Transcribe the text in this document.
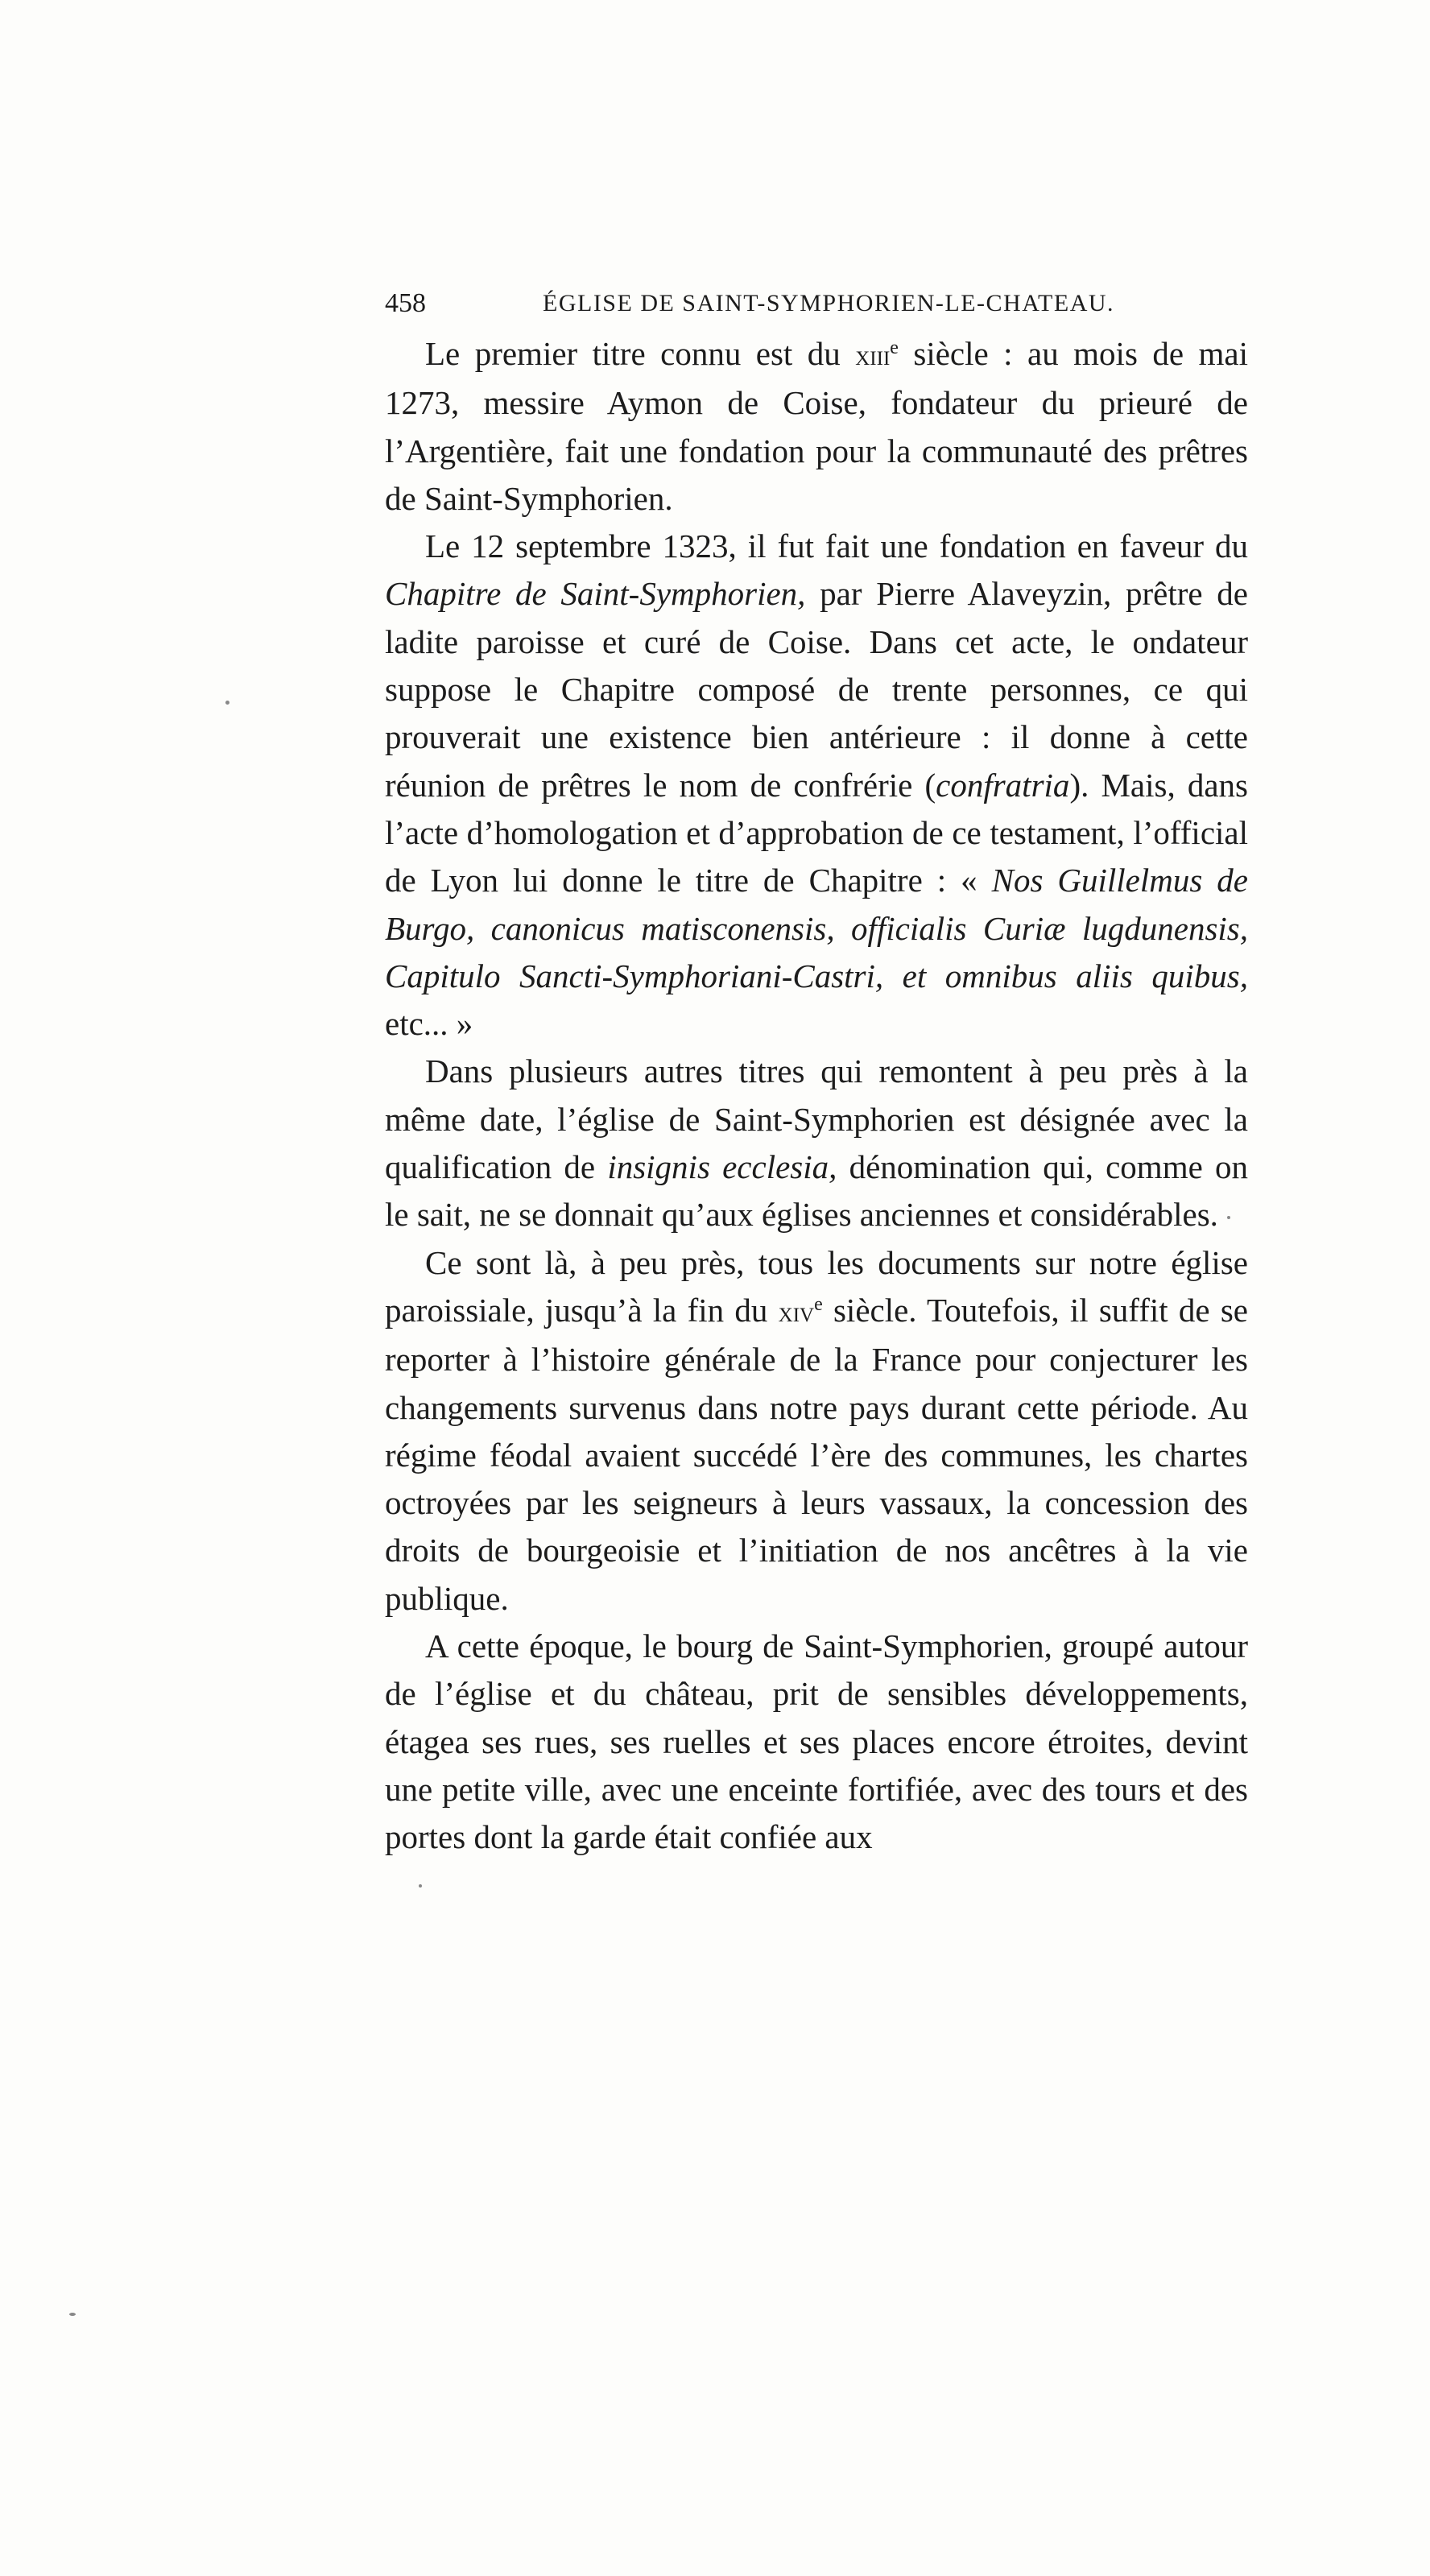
458	ÉGLISE DE SAINT-SYMPHORIEN-LE-CHATEAU.

Le premier titre connu est du xiii$^e$ siècle : au mois de mai 1273, messire Aymon de Coise, fondateur du prieuré de l’Argentière, fait une fondation pour la communauté des prêtres de Saint-Symphorien.

Le 12 septembre 1323, il fut fait une fondation en faveur du Chapitre de Saint-Symphorien, par Pierre Alaveyzin, prêtre de ladite paroisse et curé de Coise. Dans cet acte, le ondateur suppose le Chapitre composé de trente personnes, ce qui prouverait une existence bien antérieure : il donne à cette réunion de prêtres le nom de confrérie (confratria). Mais, dans l’acte d’homologation et d’approbation de ce testament, l’official de Lyon lui donne le titre de Chapitre : « Nos Guillelmus de Burgo, canonicus matisconensis, officialis Curiæ lugdunensis, Capitulo Sancti-Symphoriani-Castri, et omnibus aliis quibus, etc... »

Dans plusieurs autres titres qui remontent à peu près à la même date, l’église de Saint-Symphorien est désignée avec la qualification de insignis ecclesia, dénomination qui, comme on le sait, ne se donnait qu’aux églises anciennes et considérables.

Ce sont là, à peu près, tous les documents sur notre église paroissiale, jusqu’à la fin du xiv$^e$ siècle. Toutefois, il suffit de se reporter à l’histoire générale de la France pour conjecturer les changements survenus dans notre pays durant cette période. Au régime féodal avaient succédé l’ère des communes, les chartes octroyées par les seigneurs à leurs vassaux, la concession des droits de bourgeoisie et l’initiation de nos ancêtres à la vie publique.

A cette époque, le bourg de Saint-Symphorien, groupé autour de l’église et du château, prit de sensibles développements, étagea ses rues, ses ruelles et ses places encore étroites, devint une petite ville, avec une enceinte fortifiée, avec des tours et des portes dont la garde était confiée aux
